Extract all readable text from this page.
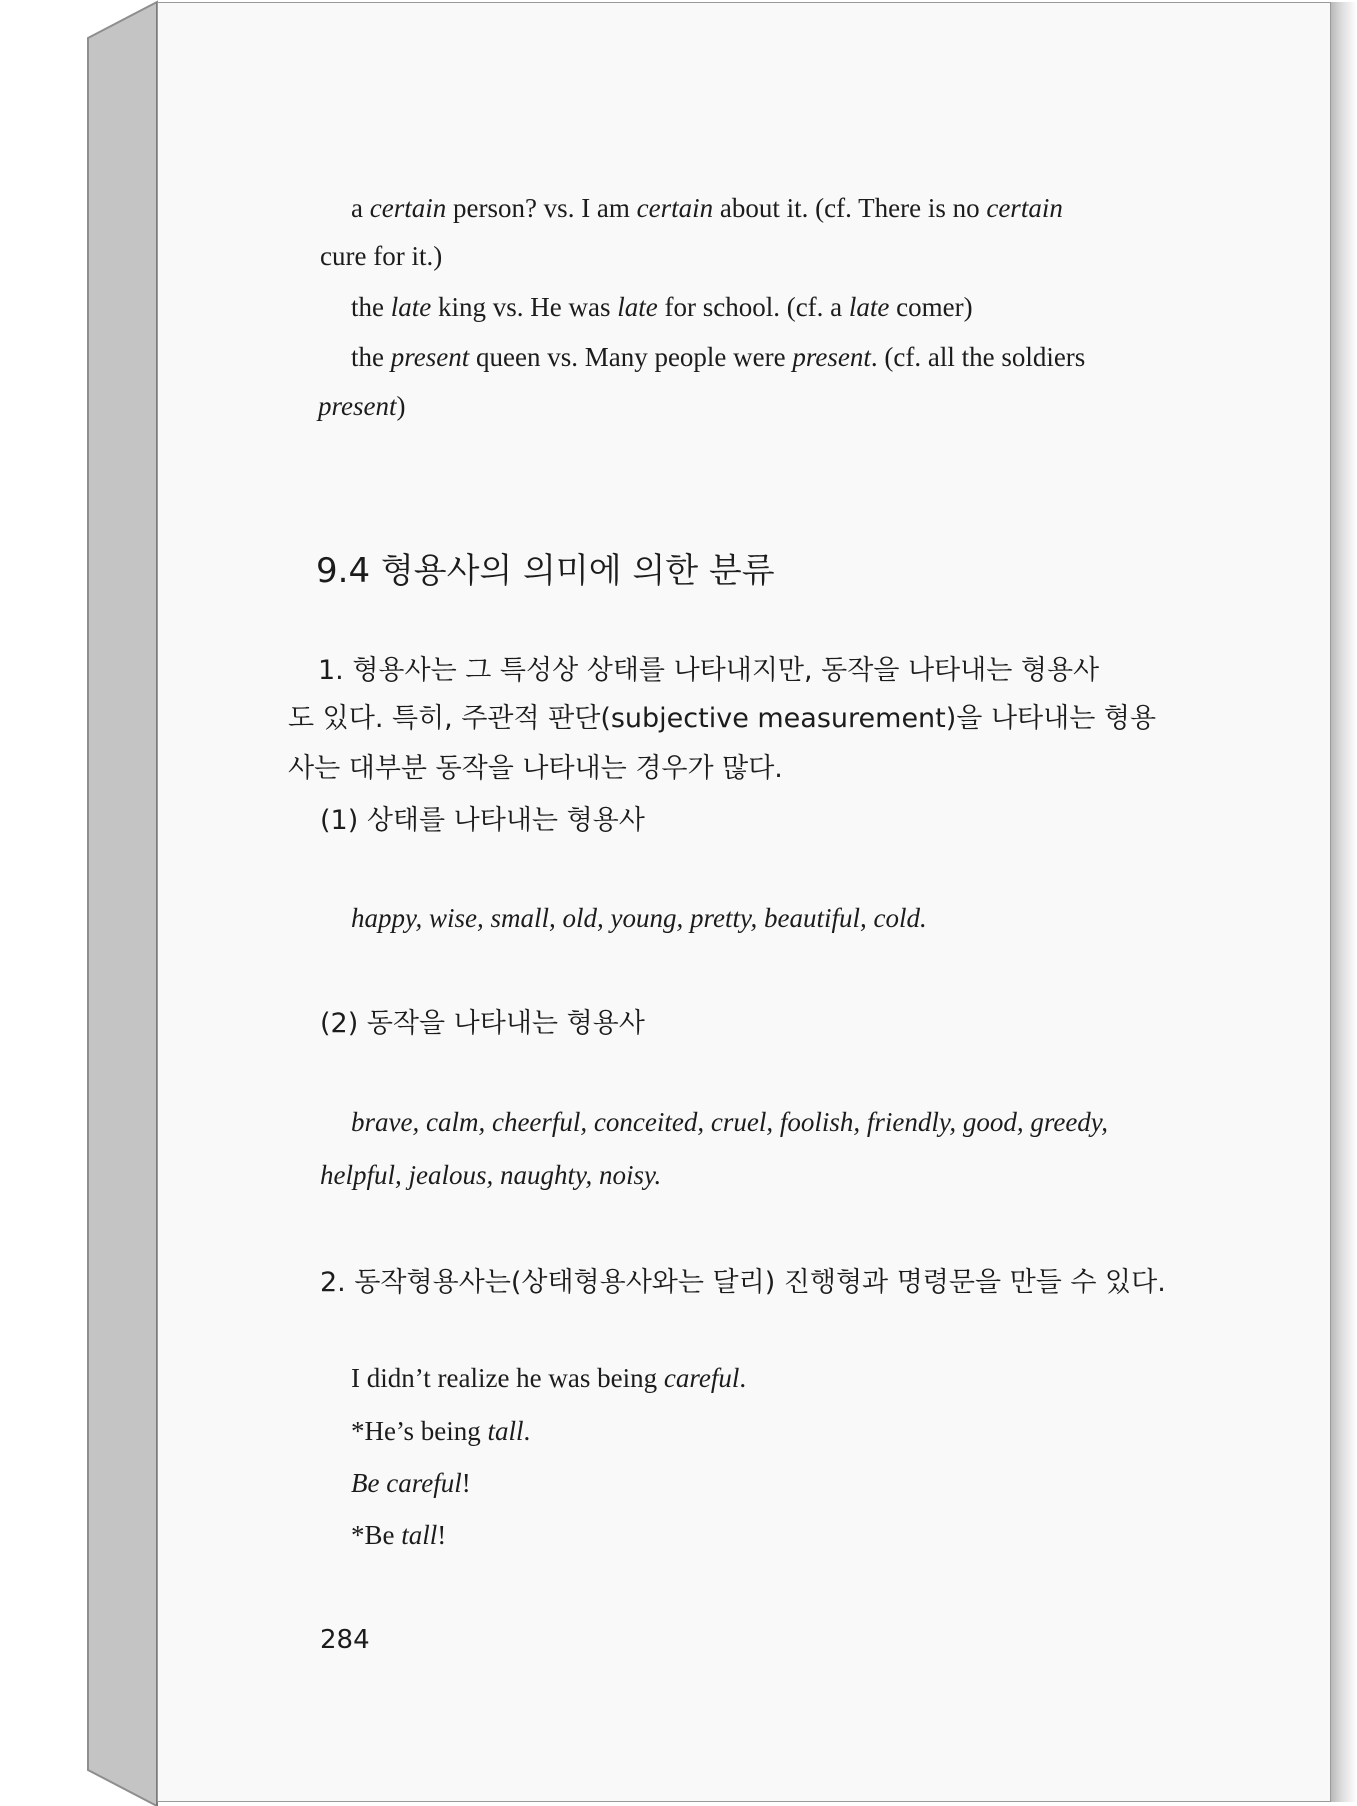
a certain person? vs. I am certain about it. (cf. There is no certain
cure for it.)
the late king vs. He was late for school. (cf. a late comer)
the present queen vs. Many people were present. (cf. all the soldiers
present)
9.4 형용사의 의미에 의한 분류
1. 형용사는 그 특성상 상태를 나타내지만, 동작을 나타내는 형용사
도 있다. 특히, 주관적 판단(subjective measurement)을 나타내는 형용
사는 대부분 동작을 나타내는 경우가 많다.
(1) 상태를 나타내는 형용사
happy, wise, small, old, young, pretty, beautiful, cold.
(2) 동작을 나타내는 형용사
brave, calm, cheerful, conceited, cruel, foolish, friendly, good, greedy,
helpful, jealous, naughty, noisy.
2. 동작형용사는(상태형용사와는 달리) 진행형과 명령문을 만들 수 있다.
I didn’t realize he was being careful.
*He’s being tall.
Be careful!
*Be tall!
284
